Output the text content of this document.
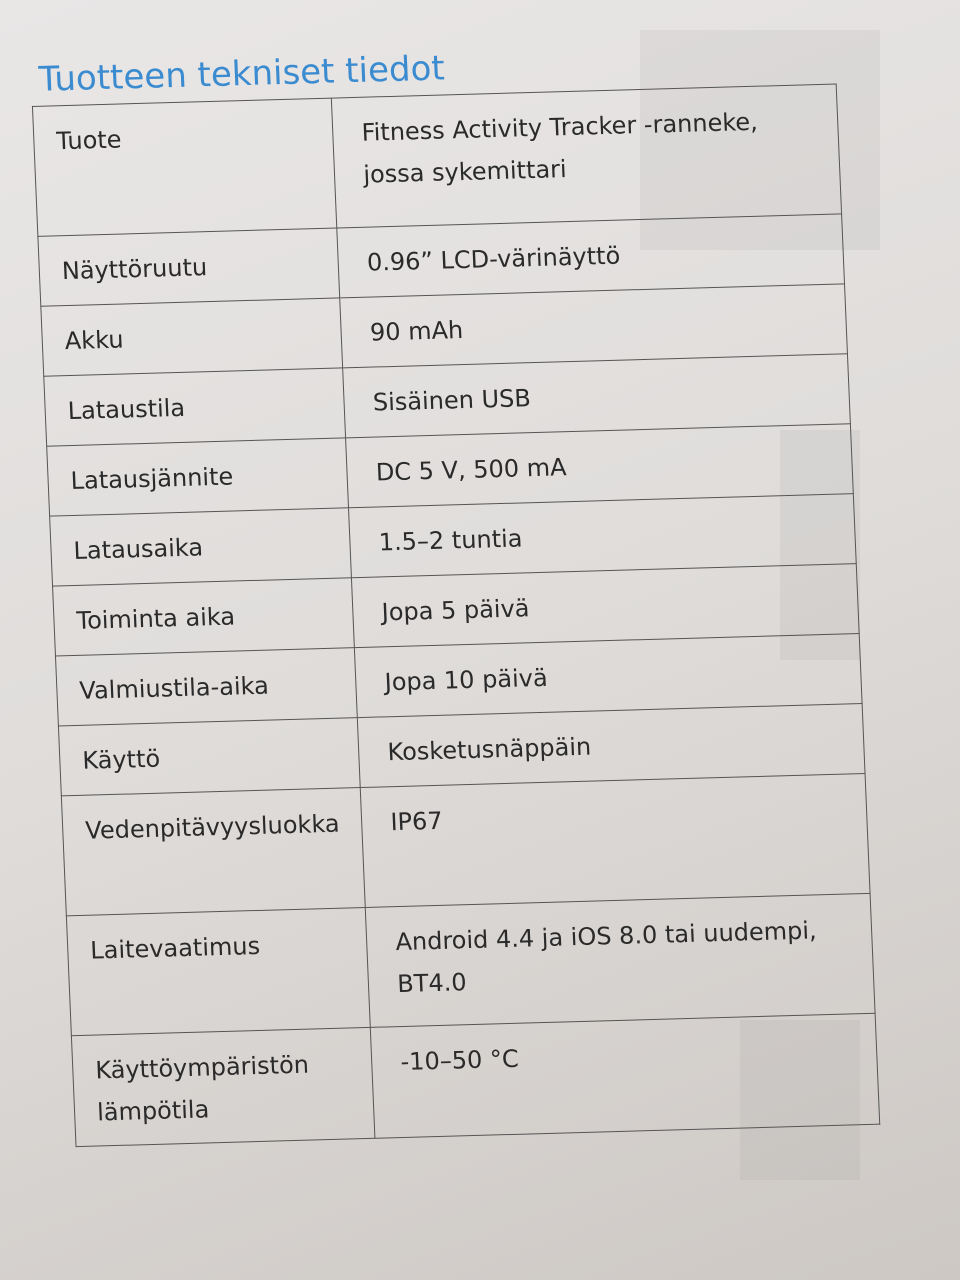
Tuotteen tekniset tiedot
Tuote	Fitness Activity Tracker -ranneke, jossa sykemittari
Näyttöruutu	0.96” LCD-värinäyttö
Akku	90 mAh
Lataustila	Sisäinen USB
Latausjännite	DC 5 V, 500 mA
Latausaika	1.5–2 tuntia
Toiminta aika	Jopa 5 päivä
Valmiustila-aika	Jopa 10 päivä
Käyttö	Kosketusnäppäin
Vedenpitävyysluokka	IP67
Laitevaatimus	Android 4.4 ja iOS 8.0 tai uudempi, BT4.0
Käyttöympäristön lämpötila	-10–50 °C
